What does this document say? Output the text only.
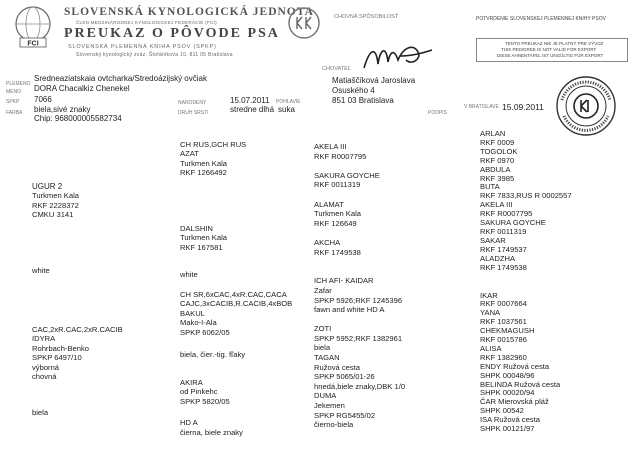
FCI
SLOVENSKÁ KYNOLOGICKÁ JEDNOTA
ČLEN MEDZINÁRODNEJ KYNOLOGICKEJ FEDERÁCIE (FCI)
PREUKAZ O PÔVODE PSA
SLOVENSKÁ PLEMENNÁ KNIHA PSOV (SPKP)
Slovenský kynologický zväz, Štefánikova 10, 811 05 Bratislava
CHOVNÁ SPÔSOBILOSŤ	POTVRDENIE SLOVENSKEJ PLEMENNEJ KNIHY PSOV
TENTO PREUKAZ NIE JE PLATNÝ PRE VÝVOZ
THIS PEDIGREE IS NOT VALID FOR EXPORT
DIESE AHNENTAFEL IST UNGÜLTIG FÜR EXPORT
PLEMENO
MENO
SPKP
FARBA
Sredneaziatskaia ovtcharka/Stredoázijský ovčiak
DORA Chacalkiz Chenekel
7066
biela,sivé znaky
Chip: 968000005582734
NARODENÝ
DRUH SRSTI
15.07.2011
stredne dlhá
POHLAVIE
suka
CHOVATEĽ
Matiaščíková Jaroslava
Osuského 4
851 03 Bratislava
PODPIS
V BRATISLAVE 15.09.2011
UGUR 2
Turkmen Kala
RKF 2228372
CMKU 3141
white
CAC,2xR.CAC,2xR.CACIB
IDYRA
Rohrbach-Benko
SPKP 6497/10
výborná
chovná
biela
CH RUS,GCH RUS
AZAT
Turkmen Kala
RKF 1266492
DALSHIN
Turkmen Kala
RKF 167581
white
CH SR,6xCAC,4xR.CAC,CACA
CAJC,3xCACIB,R.CACIB,4xBOB
BAKUL
Mako-I-Ala
SPKP 6062/05
biela, čier.-tig. fľaky
AKIRA
od Pinkehc
SPKP 5820/05
HD A
čierna, biele znaky
AKELA III
RKF R0007795
SAKURA GOYCHE
RKF 0011319
ALAMAT
Turkmen Kala
RKF 126649
AKCHA
RKF 1749538
ICH AFI- KAIDAR
Zafar
SPKP 5926;RKF 1245396
fawn and white HD A
ZOTI
SPKP 5952;RKF 1382961
biela
TAGAN
Ružová cesta
SPKP 5065/01-26
hnedá,biele znaky,DBK 1/0
DUMA
Jekemen
SPKP RG5455/02
čierno-biela
ARLAN
RKF 0009
TOGOLOK
RKF 0970
ABDULA
RKF 3985
BUTA
RKF 7833,RUS R 0002557
AKELA III
RKF R0007795
SAKURA GOYCHE
RKF 0011319
SAKAR
RKF 1749537
ALADZHA
RKF 1749538
IKAR
RKF 0007664
YANA
RKF 1037561
CHEKMAGUSH
RKF 0015786
ALISA
RKF 1382960
ENDY Ružová cesta
SHPK 00048/96
BELINDA Ružová cesta
SHPK 00020/94
ČAR Mierovská pláž
SHPK 00542
ISA Ružová cesta
SHPK 00121/97
